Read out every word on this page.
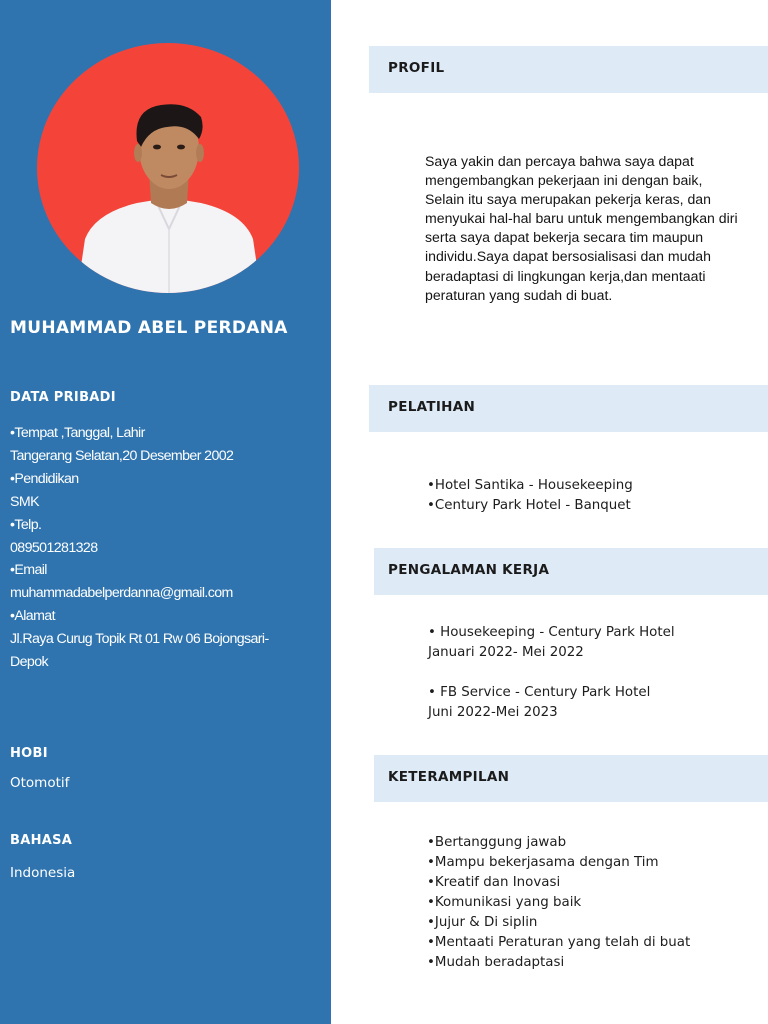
MUHAMMAD ABEL PERDANA
DATA PRIBADI
•Tempat ,Tanggal, Lahir
Tangerang Selatan,20 Desember 2002
•Pendidikan
SMK
•Telp.
089501281328
•Email
muhammadabelperdanna@gmail.com
•Alamat
Jl.Raya Curug Topik Rt 01 Rw 06 Bojongsari-
Depok
HOBI
Otomotif
BAHASA
Indonesia
PROFIL
Saya yakin dan percaya bahwa saya dapat mengembangkan pekerjaan ini dengan baik, Selain itu saya merupakan pekerja keras, dan menyukai hal-hal baru untuk mengembangkan diri serta saya dapat bekerja secara tim maupun individu.Saya dapat bersosialisasi dan mudah beradaptasi di lingkungan kerja,dan mentaati peraturan yang sudah di buat.
PELATIHAN
•Hotel Santika - Housekeeping
•Century Park Hotel - Banquet
PENGALAMAN KERJA
• Housekeeping - Century Park Hotel
Januari 2022- Mei 2022
• FB Service - Century Park Hotel
Juni 2022-Mei 2023
KETERAMPILAN
•Bertanggung jawab
•Mampu bekerjasama dengan Tim
•Kreatif dan Inovasi
•Komunikasi yang baik
•Jujur & Di siplin
•Mentaati Peraturan yang telah di buat
•Mudah beradaptasi
